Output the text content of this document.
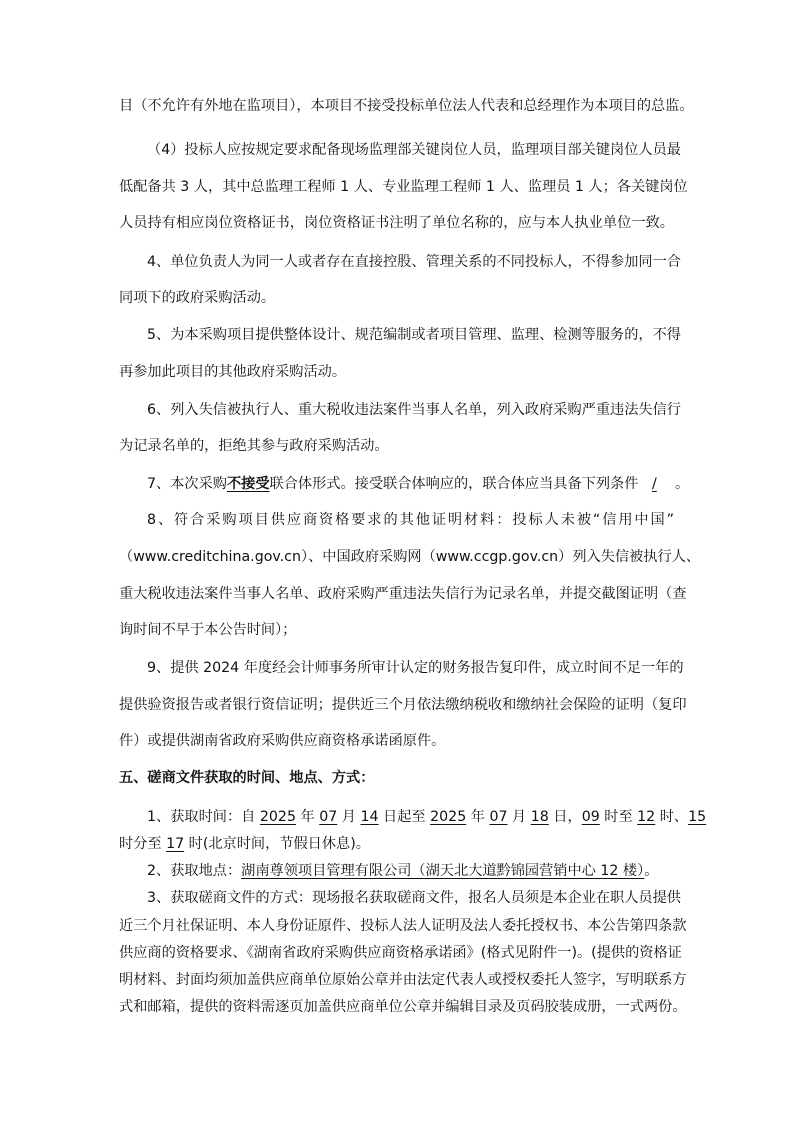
目（不允许有外地在监项目），本项目不接受投标单位法人代表和总经理作为本项目的总监。
（4）投标人应按规定要求配备现场监理部关键岗位人员，监理项目部关键岗位人员最
低配备共 3 人，其中总监理工程师 1 人、专业监理工程师 1 人、监理员 1 人；各关键岗位
人员持有相应岗位资格证书，岗位资格证书注明了单位名称的，应与本人执业单位一致。
4、单位负责人为同一人或者存在直接控股、管理关系的不同投标人，不得参加同一合
同项下的政府采购活动。
5、为本采购项目提供整体设计、规范编制或者项目管理、监理、检测等服务的，不得
再参加此项目的其他政府采购活动。
6、列入失信被执行人、重大税收违法案件当事人名单，列入政府采购严重违法失信行
为记录名单的，拒绝其参与政府采购活动。
7、本次采购不接受联合体形式。接受联合体响应的，联合体应当具备下列条件/ 。
8、符合采购项目供应商资格要求的其他证明材料：投标人未被“信用中国”
（www.creditchina.gov.cn）、中国政府采购网（www.ccgp.gov.cn）列入失信被执行人、
重大税收违法案件当事人名单、政府采购严重违法失信行为记录名单，并提交截图证明（查
询时间不早于本公告时间）；
9、提供 2024 年度经会计师事务所审计认定的财务报告复印件，成立时间不足一年的
提供验资报告或者银行资信证明；提供近三个月依法缴纳税收和缴纳社会保险的证明（复印
件）或提供湖南省政府采购供应商资格承诺函原件。
五、磋商文件获取的时间、地点、方式：
1、获取时间：自 2025 年 07 月 14 日起至 2025 年 07 月 18 日，09 时至 12 时、15
时分至 17 时(北京时间，节假日休息)。
2、获取地点：湖南尊领项目管理有限公司（湖天北大道黔锦园营销中心 12 楼）。
3、获取磋商文件的方式：现场报名获取磋商文件，报名人员须是本企业在职人员提供
近三个月社保证明、本人身份证原件、投标人法人证明及法人委托授权书、本公告第四条款
供应商的资格要求、《湖南省政府采购供应商资格承诺函》(格式见附件一)。(提供的资格证
明材料、封面均须加盖供应商单位原始公章并由法定代表人或授权委托人签字，写明联系方
式和邮箱，提供的资料需逐页加盖供应商单位公章并编辑目录及页码胶装成册，一式两份。
